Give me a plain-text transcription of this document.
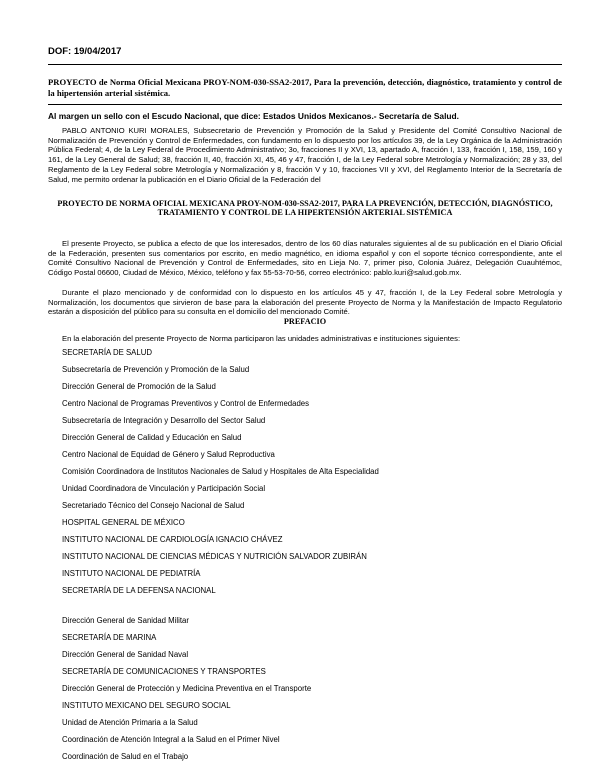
DOF: 19/04/2017
PROYECTO de Norma Oficial Mexicana PROY-NOM-030-SSA2-2017, Para la prevención, detección, diagnóstico, tratamiento y control de la hipertensión arterial sistémica.
Al margen un sello con el Escudo Nacional, que dice: Estados Unidos Mexicanos.- Secretaría de Salud.
PABLO ANTONIO KURI MORALES, Subsecretario de Prevención y Promoción de la Salud y Presidente del Comité Consultivo Nacional de Normalización de Prevención y Control de Enfermedades, con fundamento en lo dispuesto por los artículos 39, de la Ley Orgánica de la Administración Pública Federal; 4, de la Ley Federal de Procedimiento Administrativo; 3o, fracciones II y XVI, 13, apartado A, fracción I, 133, fracción I, 158, 159, 160 y 161, de la Ley General de Salud; 38, fracción II, 40, fracción XI, 45, 46 y 47, fracción I, de la Ley Federal sobre Metrología y Normalización; 28 y 33, del Reglamento de la Ley Federal sobre Metrología y Normalización y 8, fracción V y 10, fracciones VII y XVI, del Reglamento Interior de la Secretaría de Salud, me permito ordenar la publicación en el Diario Oficial de la Federación del
PROYECTO DE NORMA OFICIAL MEXICANA PROY-NOM-030-SSA2-2017, PARA LA PREVENCIÓN, DETECCIÓN, DIAGNÓSTICO, TRATAMIENTO Y CONTROL DE LA HIPERTENSIÓN ARTERIAL SISTÉMICA
El presente Proyecto, se publica a efecto de que los interesados, dentro de los 60 días naturales siguientes al de su publicación en el Diario Oficial de la Federación, presenten sus comentarios por escrito, en medio magnético, en idioma español y con el soporte técnico correspondiente, ante el Comité Consultivo Nacional de Prevención y Control de Enfermedades, sito en Lieja No. 7, primer piso, Colonia Juárez, Delegación Cuauhtémoc, Código Postal 06600, Ciudad de México, México, teléfono y fax 55-53-70-56, correo electrónico: pablo.kuri@salud.gob.mx.
Durante el plazo mencionado y de conformidad con lo dispuesto en los artículos 45 y 47, fracción I, de la Ley Federal sobre Metrología y Normalización, los documentos que sirvieron de base para la elaboración del presente Proyecto de Norma y la Manifestación de Impacto Regulatorio estarán a disposición del público para su consulta en el domicilio del mencionado Comité.
PREFACIO
En la elaboración del presente Proyecto de Norma participaron las unidades administrativas e instituciones siguientes:
SECRETARÍA DE SALUD
Subsecretaría de Prevención y Promoción de la Salud
Dirección General de Promoción de la Salud
Centro Nacional de Programas Preventivos y Control de Enfermedades
Subsecretaría de Integración y Desarrollo del Sector Salud
Dirección General de Calidad y Educación en Salud
Centro Nacional de Equidad de Género y Salud Reproductiva
Comisión Coordinadora de Institutos Nacionales de Salud y Hospitales de Alta Especialidad
Unidad Coordinadora de Vinculación y Participación Social
Secretariado Técnico del Consejo Nacional de Salud
HOSPITAL GENERAL DE MÉXICO
INSTITUTO NACIONAL DE CARDIOLOGÍA IGNACIO CHÁVEZ
INSTITUTO NACIONAL DE CIENCIAS MÉDICAS Y NUTRICIÓN SALVADOR ZUBIRÁN
INSTITUTO NACIONAL DE PEDIATRÍA
SECRETARÍA DE LA DEFENSA NACIONAL
Dirección General de Sanidad Militar
SECRETARÍA DE MARINA
Dirección General de Sanidad Naval
SECRETARÍA DE COMUNICACIONES Y TRANSPORTES
Dirección General de Protección y Medicina Preventiva en el Transporte
INSTITUTO MEXICANO DEL SEGURO SOCIAL
Unidad de Atención Primaria a la Salud
Coordinación de Atención Integral a la Salud en el Primer Nivel
Coordinación de Salud en el Trabajo
